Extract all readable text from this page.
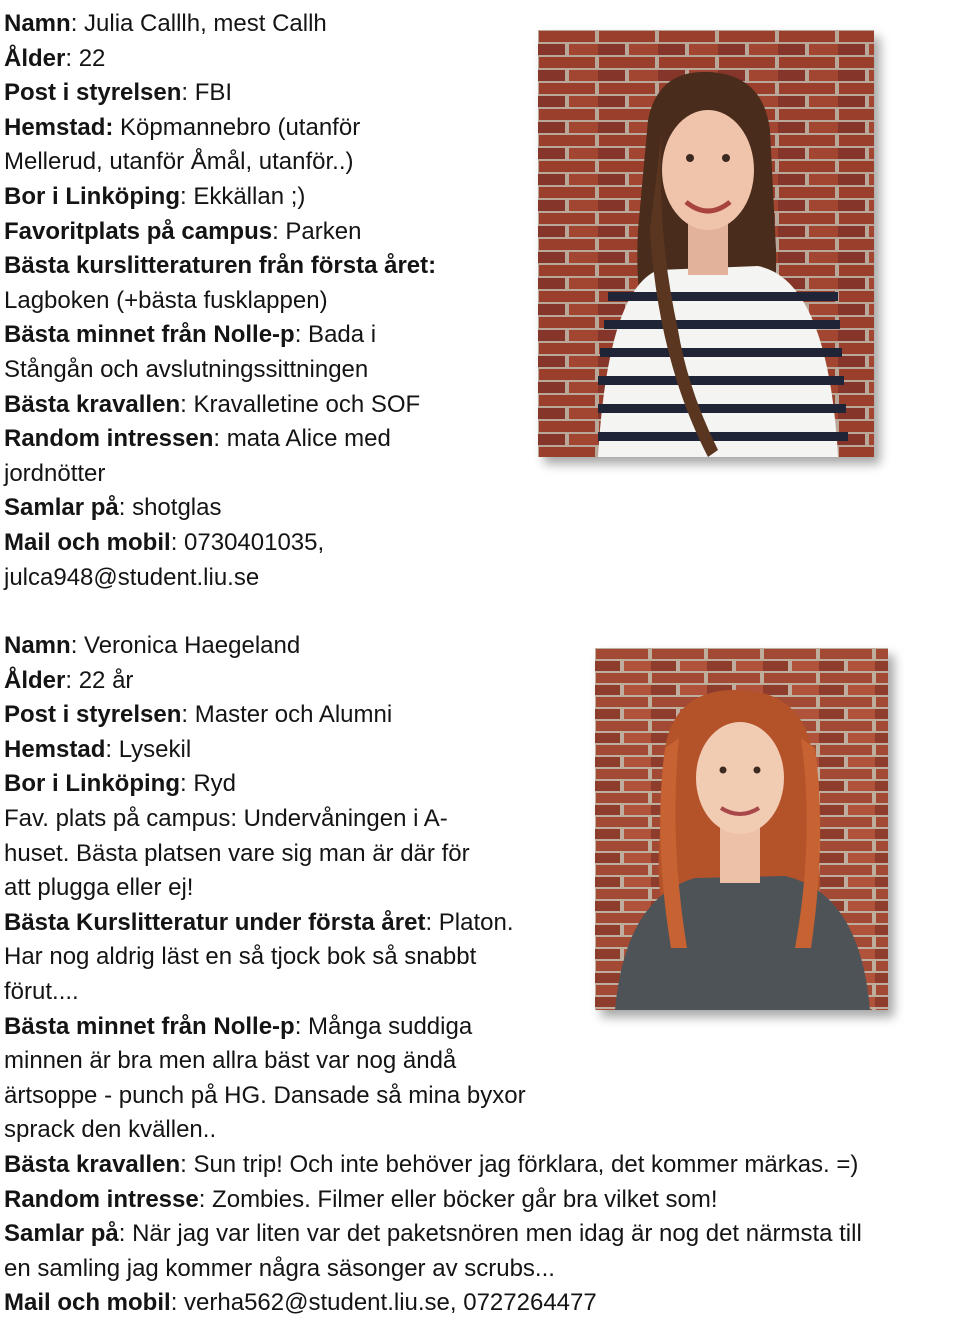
Namn: Julia Calllh, mest Callh
Ålder: 22
Post i styrelsen: FBI
Hemstad: Köpmannebro (utanför
Mellerud, utanför Åmål, utanför..)
Bor i Linköping: Ekkällan ;)
Favoritplats på campus: Parken
Bästa kurslitteraturen från första året:
Lagboken (+bästa fusklappen)
Bästa minnet från Nolle-p: Bada i
Stångån och avslutningssittningen
Bästa kravallen: Kravalletine och SOF
Random intressen: mata Alice med
jordnötter
Samlar på: shotglas
Mail och mobil: 0730401035,
julca948@student.liu.se
Namn: Veronica Haegeland
Ålder: 22 år
Post i styrelsen: Master och Alumni
Hemstad: Lysekil
Bor i Linköping: Ryd
Fav. plats på campus: Undervåningen i A-
huset. Bästa platsen vare sig man är där för
att plugga eller ej!
Bästa Kurslitteratur under första året: Platon.
Har nog aldrig läst en så tjock bok så snabbt
förut....
Bästa minnet från Nolle-p: Många suddiga
minnen är bra men allra bäst var nog ändå
ärtsoppe - punch på HG. Dansade så mina byxor
sprack den kvällen..
Bästa kravallen: Sun trip! Och inte behöver jag förklara, det kommer märkas. =)
Random intresse: Zombies. Filmer eller böcker går bra vilket som!
Samlar på: När jag var liten var det paketsnören men idag är nog det närmsta till
en samling jag kommer några säsonger av scrubs...
Mail och mobil: verha562@student.liu.se, 0727264477
